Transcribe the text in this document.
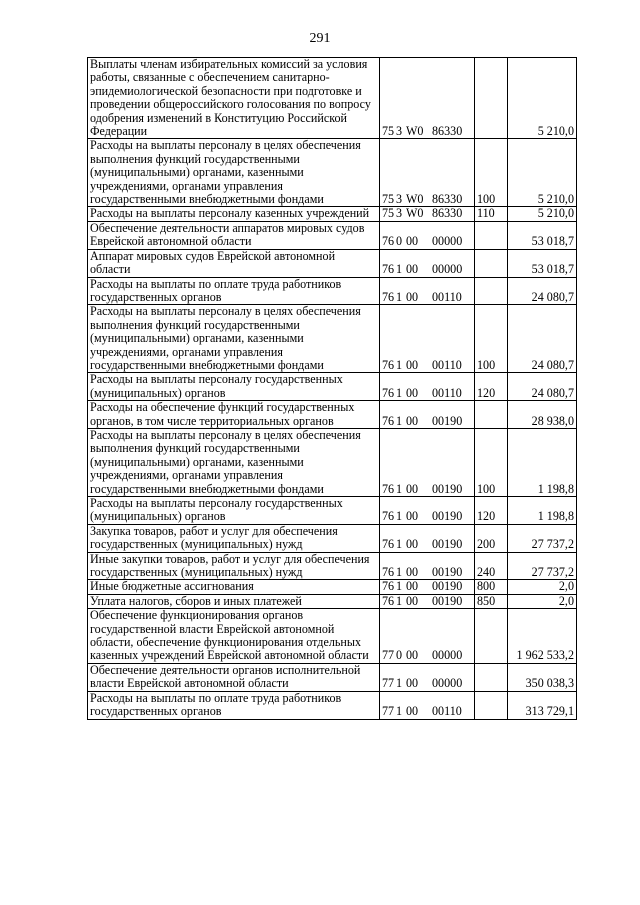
291
Выплаты членам избирательных комиссий за условия работы, связанные с обеспечением санитарно-эпидемиологической безопасности при подготовке и проведении общероссийского голосования по вопросу одобрения изменений в Конституцию Российской Федерации	75 3 W0 86330		5 210,0
Расходы на выплаты персоналу в целях обеспечения выполнения функций государственными (муниципальными) органами, казенными учреждениями, органами управления государственными внебюджетными фондами	75 3 W0 86330	100	5 210,0
Расходы на выплаты персоналу казенных учреждений	75 3 W0 86330	110	5 210,0
Обеспечение деятельности аппаратов мировых судов Еврейской автономной области	76 0 00 00000		53 018,7
Аппарат мировых судов Еврейской автономной области	76 1 00 00000		53 018,7
Расходы на выплаты по оплате труда работников государственных органов	76 1 00 00110		24 080,7
Расходы на выплаты персоналу в целях обеспечения выполнения функций государственными (муниципальными) органами, казенными учреждениями, органами управления государственными внебюджетными фондами	76 1 00 00110	100	24 080,7
Расходы на выплаты персоналу государственных (муниципальных) органов	76 1 00 00110	120	24 080,7
Расходы на обеспечение функций государственных органов, в том числе территориальных органов	76 1 00 00190		28 938,0
Расходы на выплаты персоналу в целях обеспечения выполнения функций государственными (муниципальными) органами, казенными учреждениями, органами управления государственными внебюджетными фондами	76 1 00 00190	100	1 198,8
Расходы на выплаты персоналу государственных (муниципальных) органов	76 1 00 00190	120	1 198,8
Закупка товаров, работ и услуг для обеспечения государственных (муниципальных) нужд	76 1 00 00190	200	27 737,2
Иные закупки товаров, работ и услуг для обеспечения государственных (муниципальных) нужд	76 1 00 00190	240	27 737,2
Иные бюджетные ассигнования	76 1 00 00190	800	2,0
Уплата налогов, сборов и иных платежей	76 1 00 00190	850	2,0
Обеспечение функционирования органов государственной власти Еврейской автономной области, обеспечение функционирования отдельных казенных учреждений Еврейской автономной области	77 0 00 00000		1 962 533,2
Обеспечение деятельности органов исполнительной власти Еврейской автономной области	77 1 00 00000		350 038,3
Расходы на выплаты по оплате труда работников государственных органов	77 1 00 00110		313 729,1
